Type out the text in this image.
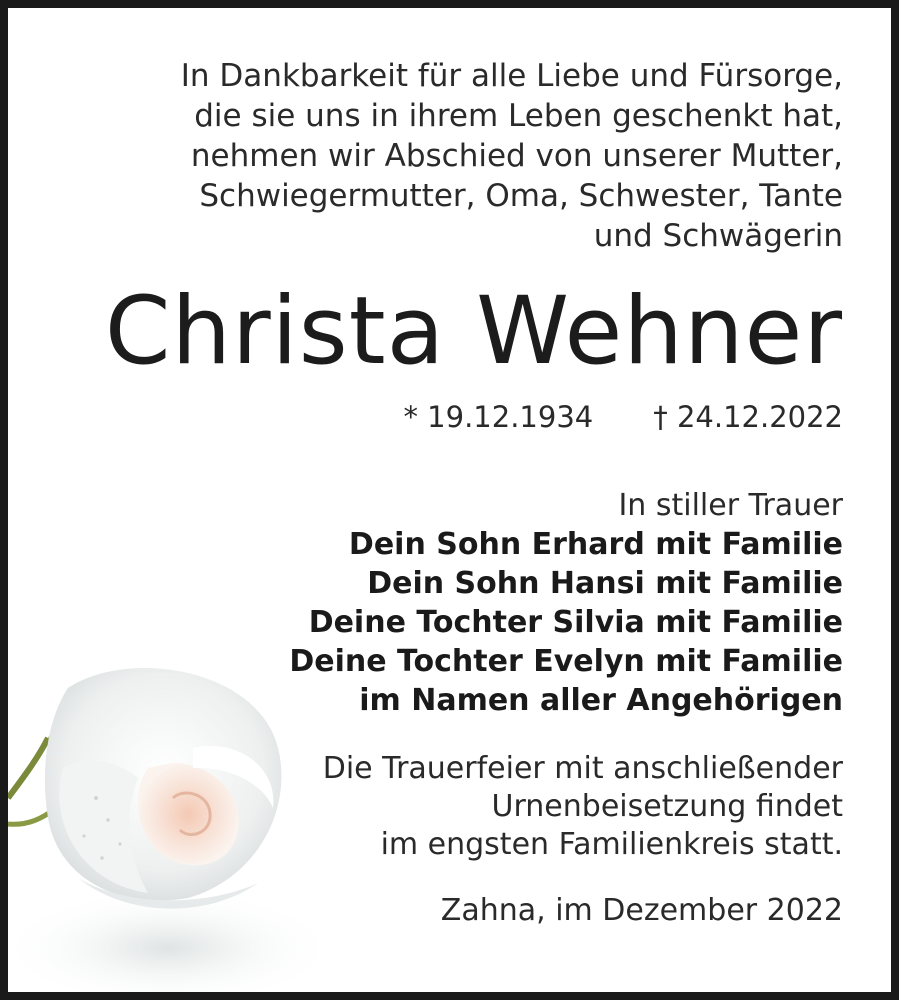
In Dankbarkeit für alle Liebe und Fürsorge,
die sie uns in ihrem Leben geschenkt hat,
nehmen wir Abschied von unserer Mutter,
Schwiegermutter, Oma, Schwester, Tante
und Schwägerin

Christa Wehner
* 19.12.1934 † 24.12.2022
In stiller Trauer
Dein Sohn Erhard mit Familie
Dein Sohn Hansi mit Familie
Deine Tochter Silvia mit Familie
Deine Tochter Evelyn mit Familie
im Namen aller Angehörigen
Die Trauerfeier mit anschließender
Urnenbeisetzung findet
im engsten Familienkreis statt.
Zahna, im Dezember 2022
